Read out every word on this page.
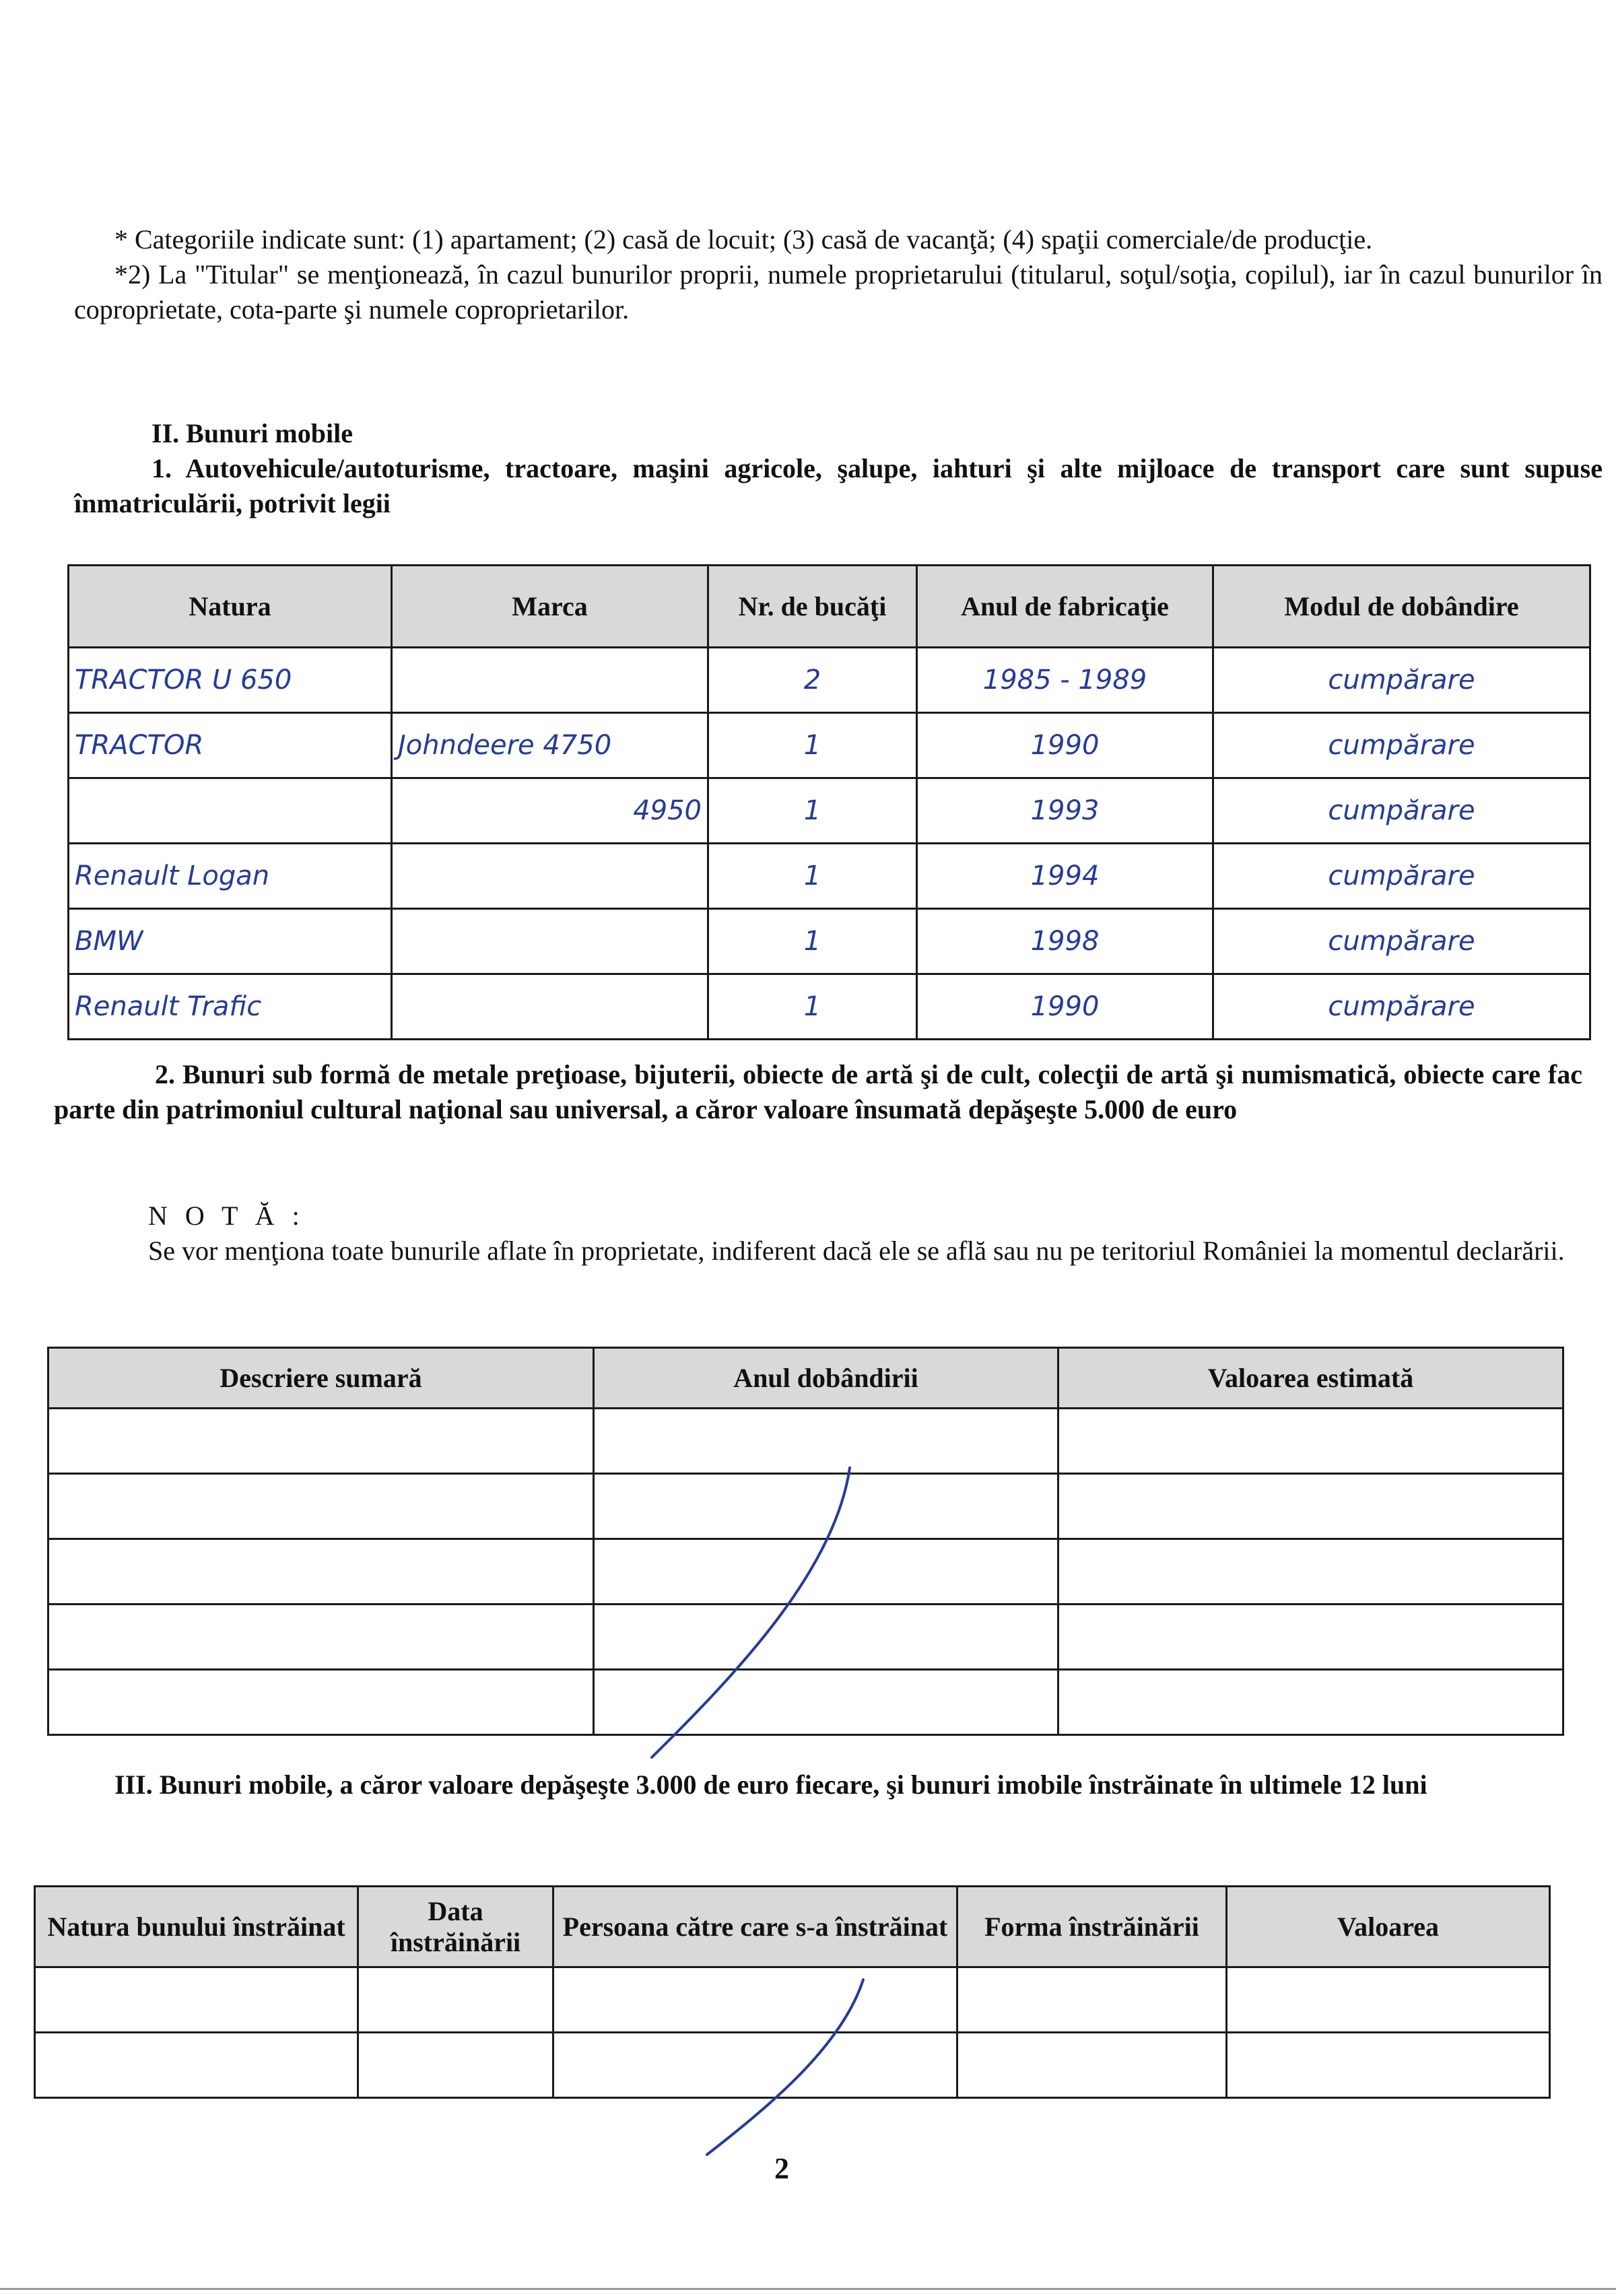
* Categoriile indicate sunt: (1) apartament; (2) casă de locuit; (3) casă de vacanţă; (4) spaţii comerciale/de producţie.

*2) La "Titular" se menţionează, în cazul bunurilor proprii, numele proprietarului (titularul, soţul/soţia, copilul), iar în cazul bunurilor în coproprietate, cota-parte şi numele coproprietarilor.

II. Bunuri mobile

1. Autovehicule/autoturisme, tractoare, maşini agricole, şalupe, iahturi şi alte mijloace de transport care sunt supuse înmatriculării, potrivit legii

Natura	Marca	Nr. de bucăţi	Anul de fabricaţie	Modul de dobândire
TRACTOR U 650		2	1985 - 1989	cumpărare
TRACTOR	Johndeere 4750	1	1990	cumpărare
	4950	1	1993	cumpărare
Renault Logan		1	1994	cumpărare
BMW		1	1998	cumpărare
Renault Trafic		1	1990	cumpărare

2. Bunuri sub formă de metale preţioase, bijuterii, obiecte de artă şi de cult, colecţii de artă şi numismatică, obiecte care fac parte din patrimoniul cultural naţional sau universal, a căror valoare însumată depăşeşte 5.000 de euro

N O T Ă :

Se vor menţiona toate bunurile aflate în proprietate, indiferent dacă ele se află sau nu pe teritoriul României la momentul declarării.

Descriere sumară	Anul dobândirii	Valoarea estimată

III. Bunuri mobile, a căror valoare depăşeşte 3.000 de euro fiecare, şi bunuri imobile înstrăinate în ultimele 12 luni

Natura bunului înstrăinat	Data înstrăinării	Persoana către care s-a înstrăinat	Forma înstrăinării	Valoarea

2
